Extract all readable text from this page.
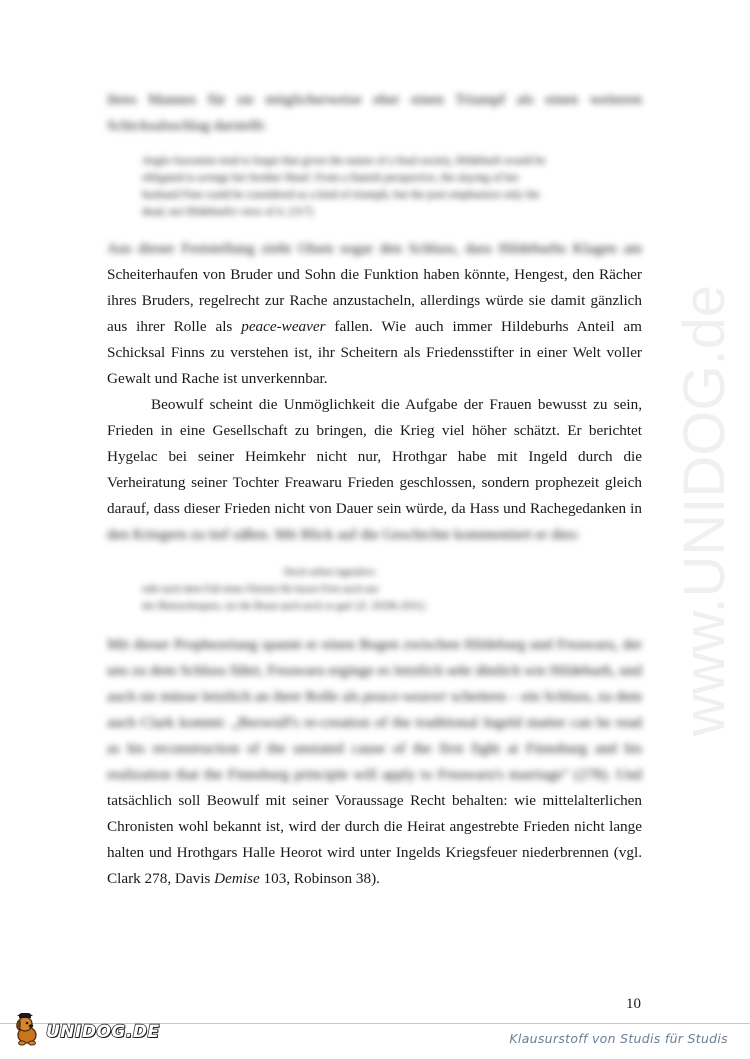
www.UNIDOG.de
ihres Mannes für sie möglicherweise eher einen Triumpf als einen weiteren
Schicksalsschlag darstellt:
Anglo-Saxonists tend to forget that given the nature of a feud society, Hildeburh would be
obligated to avenge her brother Hnæf. From a Danish perspective, the slaying of her
husband Finn could be considered as a kind of triumph, but the poet emphasizes only the
dead, not Hildeburh's view of it. (317)
Aus dieser Feststellung zieht Olsen sogar den Schluss, dass Hildeburhs Klagen am
Scheiterhaufen von Bruder und Sohn die Funktion haben könnte, Hengest, den Rächer
ihres Bruders, regelrecht zur Rache anzustacheln, allerdings würde sie damit gänzlich
aus ihrer Rolle als peace-weaver fallen. Wie auch immer Hildeburhs Anteil am
Schicksal Finns zu verstehen ist, ihr Scheitern als Friedensstifter in einer Welt voller
Gewalt und Rache ist unverkennbar.
Beowulf scheint die Unmöglichkeit die Aufgabe der Frauen bewusst zu sein,
Frieden in eine Gesellschaft zu bringen, die Krieg viel höher schätzt. Er berichtet
Hygelac bei seiner Heimkehr nicht nur, Hrothgar habe mit Ingeld durch die
Verheiratung seiner Tochter Freawaru Frieden geschlossen, sondern prophezeit gleich
darauf, dass dieser Frieden nicht von Dauer sein würde, da Hass und Rachegedanken in
den Kriegern zu tief säßen. Mit Blick auf die Geschichte kommentiert er dies:
Doch selten irgendwo
ruht nach dem Fall eines Fürsten für kurze Frist auch nur
der Blutrachespeer, sei die Braut auch noch so gut! (Z. 2029b-2031)
Mit dieser Prophezeiung spannt er einen Bogen zwischen Hildeburg und Freawaru, der
uns zu dem Schluss führt, Freawaru erginge es letztlich sehr ähnlich wie Hildeburh, und
auch sie müsse letztlich an ihrer Rolle als peace-weaver scheitern – ein Schluss, zu dem
auch Clark kommt: „Beowulf's re-creation of the traditional Ingeld matter can be read
as his reconstruction of the unstated cause of the first fight at Finnsburg and his
realization that the Finnsburg principle will apply to Freawaru's marriage" (278). Und
tatsächlich soll Beowulf mit seiner Voraussage Recht behalten: wie mittelalterlichen
Chronisten wohl bekannt ist, wird der durch die Heirat angestrebte Frieden nicht lange
halten und Hrothgars Halle Heorot wird unter Ingelds Kriegsfeuer niederbrennen (vgl.
Clark 278, Davis Demise 103, Robinson 38).
10
UNIDOG.DE	Klausurstoff von Studis für Studis
